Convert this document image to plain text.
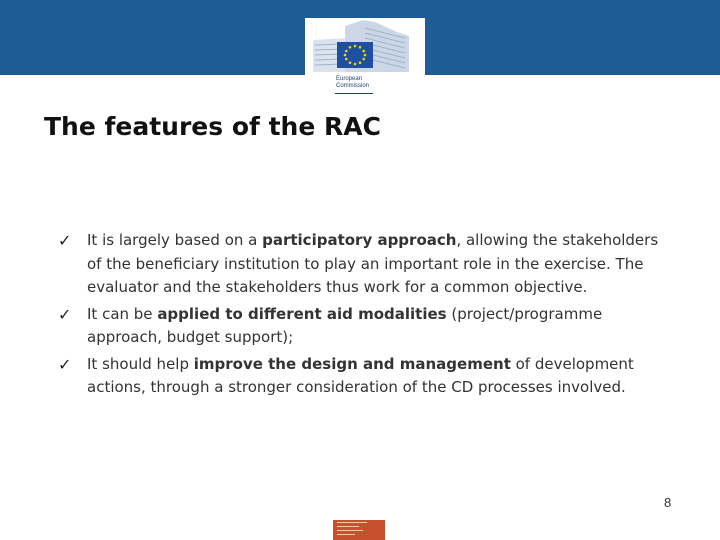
European
Commission
The features of the RAC
✓ It is largely based on a participatory approach, allowing the stakeholders of the beneficiary institution to play an important role in the exercise. The evaluator and the stakeholders thus work for a common objective.
✓ It can be applied to different aid modalities (project/programme approach, budget support);
✓ It should help improve the design and management of development actions, through a stronger consideration of the CD processes involved.
8
